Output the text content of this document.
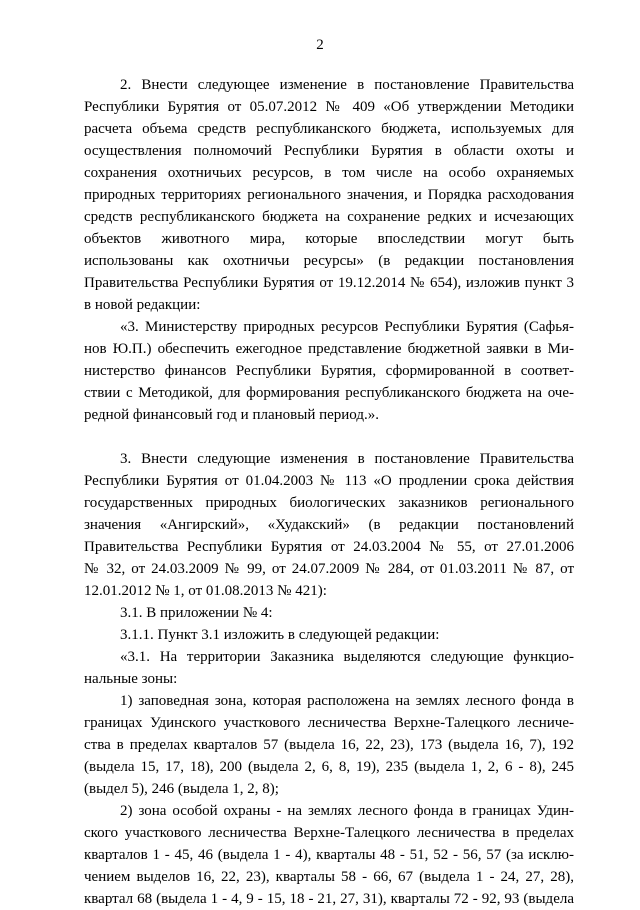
2
2. Внести следующее изменение в постановление Правительства
Республики Бурятия от 05.07.2012 № 409 «Об утверждении Методики
расчета объема средств республиканского бюджета, используемых для
осуществления полномочий Республики Бурятия в области охоты и
сохранения охотничьих ресурсов, в том числе на особо охраняемых
природных территориях регионального значения, и Порядка расходования
средств республиканского бюджета на сохранение редких и исчезающих
объектов животного мира, которые впоследствии могут быть
использованы как охотничьи ресурсы» (в редакции постановления
Правительства Республики Бурятия от 19.12.2014 № 654), изложив пункт 3
в новой редакции:
«3. Министерству природных ресурсов Республики Бурятия (Сафья-
нов Ю.П.) обеспечить ежегодное представление бюджетной заявки в Ми-
нистерство финансов Республики Бурятия, сформированной в соответ-
ствии с Методикой, для формирования республиканского бюджета на оче-
редной финансовый год и плановый период.».
3. Внести следующие изменения в постановление Правительства
Республики Бурятия от 01.04.2003 № 113 «О продлении срока действия
государственных природных биологических заказников регионального
значения «Ангирский», «Худакский» (в редакции постановлений
Правительства Республики Бурятия от 24.03.2004 № 55, от 27.01.2006
№ 32, от 24.03.2009 № 99, от 24.07.2009 № 284, от 01.03.2011 № 87, от
12.01.2012 № 1, от 01.08.2013 № 421):
3.1. В приложении № 4:
3.1.1. Пункт 3.1 изложить в следующей редакции:
«3.1. На территории Заказника выделяются следующие функцио-
нальные зоны:
1) заповедная зона, которая расположена на землях лесного фонда в
границах Удинского участкового лесничества Верхне-Талецкого лесниче-
ства в пределах кварталов 57 (выдела 16, 22, 23), 173 (выдела 16, 7), 192
(выдела 15, 17, 18), 200 (выдела 2, 6, 8, 19), 235 (выдела 1, 2, 6 - 8), 245
(выдел 5), 246 (выдела 1, 2, 8);
2) зона особой охраны - на землях лесного фонда в границах Удин-
ского участкового лесничества Верхне-Талецкого лесничества в пределах
кварталов 1 - 45, 46 (выдела 1 - 4), кварталы 48 - 51, 52 - 56, 57 (за исклю-
чением выделов 16, 22, 23), кварталы 58 - 66, 67 (выдела 1 - 24, 27, 28),
квартал 68 (выдела 1 - 4, 9 - 15, 18 - 21, 27, 31), кварталы 72 - 92, 93 (выдела
